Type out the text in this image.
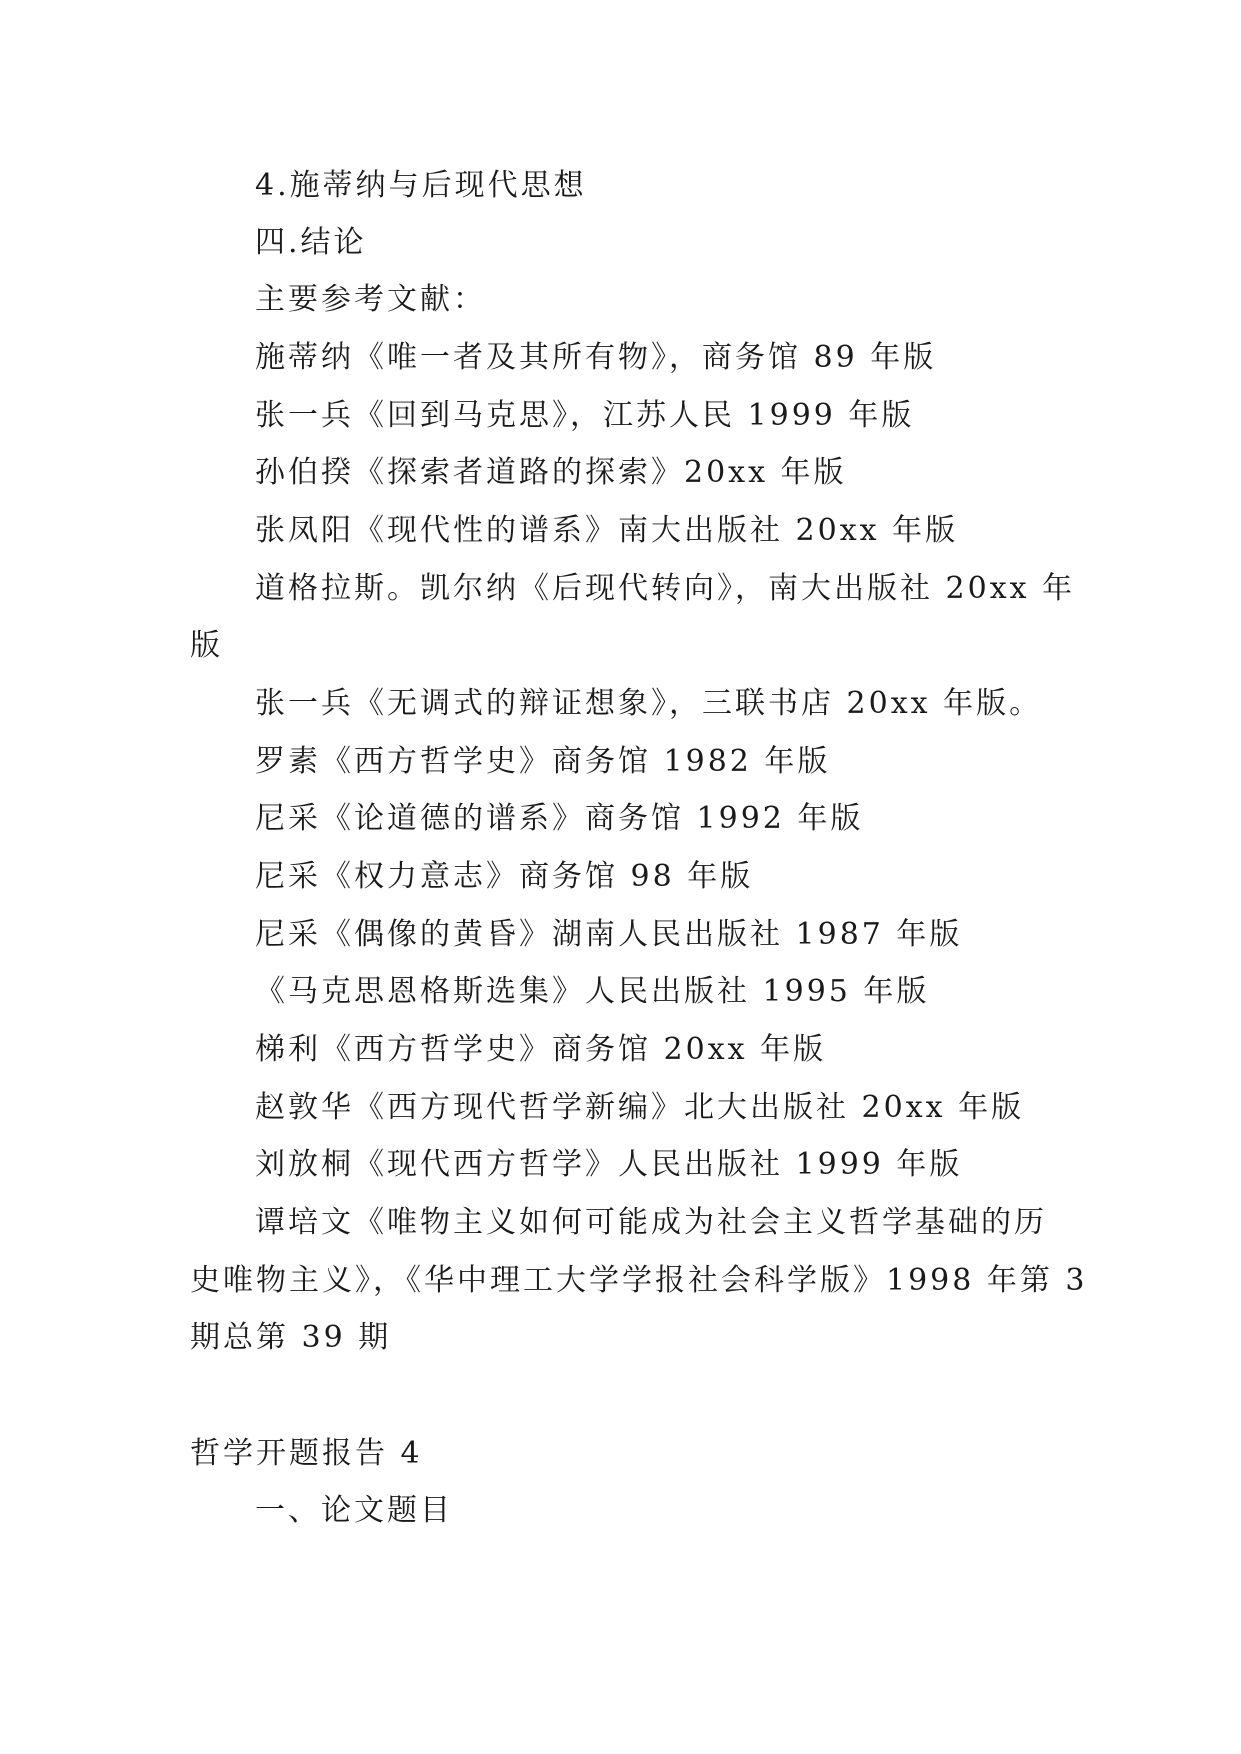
4.施蒂纳与后现代思想
四.结论
主要参考文献：
施蒂纳《唯一者及其所有物》，商务馆 89 年版
张一兵《回到马克思》，江苏人民 1999 年版
孙伯揆《探索者道路的探索》20xx 年版
张凤阳《现代性的谱系》南大出版社 20xx 年版
道格拉斯。凯尔纳《后现代转向》，南大出版社 20xx 年
版
张一兵《无调式的辩证想象》，三联书店 20xx 年版。
罗素《西方哲学史》商务馆 1982 年版
尼采《论道德的谱系》商务馆 1992 年版
尼采《权力意志》商务馆 98 年版
尼采《偶像的黄昏》湖南人民出版社 1987 年版
《马克思恩格斯选集》人民出版社 1995 年版
梯利《西方哲学史》商务馆 20xx 年版
赵敦华《西方现代哲学新编》北大出版社 20xx 年版
刘放桐《现代西方哲学》人民出版社 1999 年版
谭培文《唯物主义如何可能成为社会主义哲学基础的历
史唯物主义》，《华中理工大学学报社会科学版》1998 年第 3
期总第 39 期
哲学开题报告 4
一、论文题目
